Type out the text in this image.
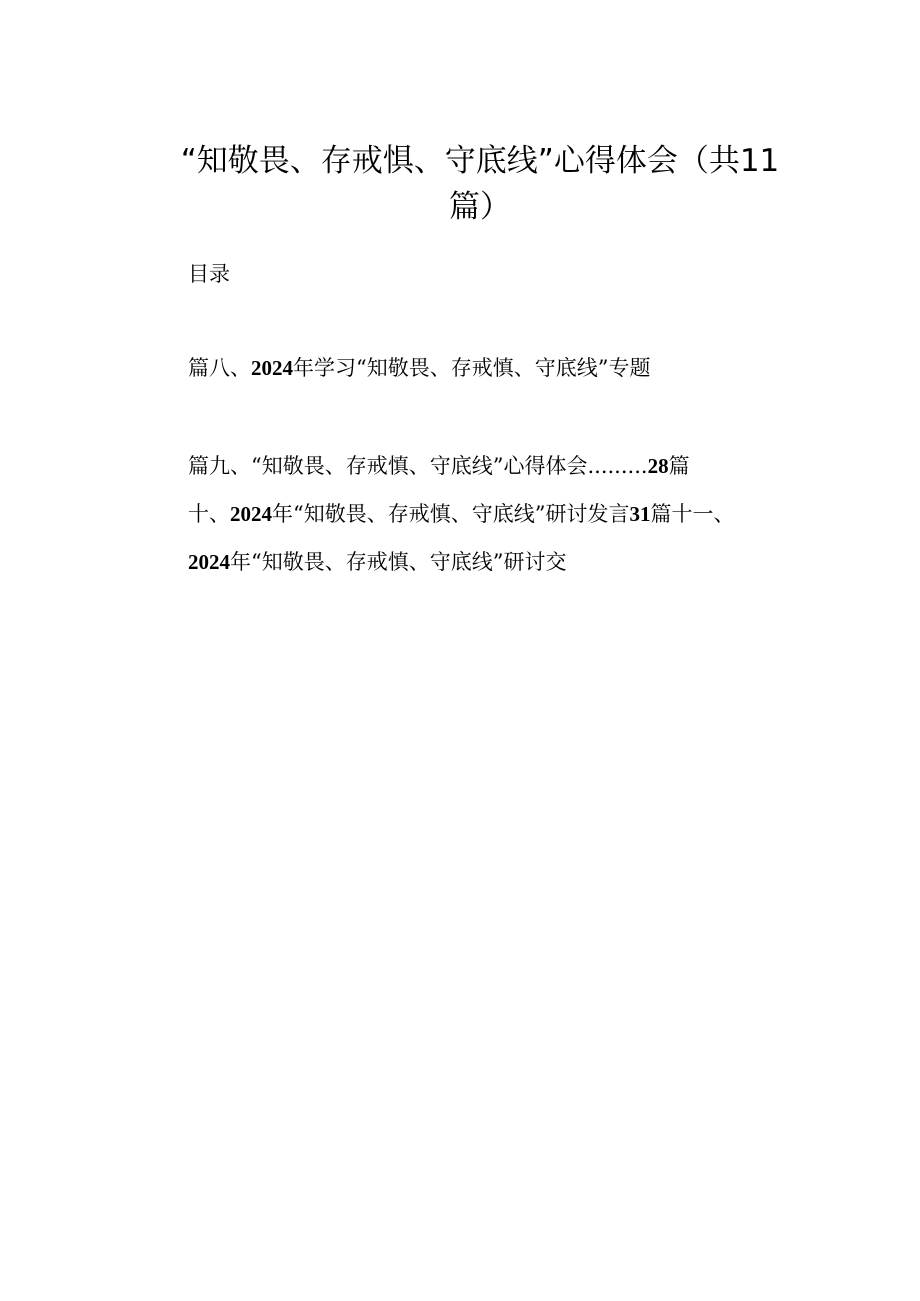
“知敬畏、存戒惧、守底线”心得体会（共11
篇）
目录
篇八、2024年学习“知敬畏、存戒慎、守底线”专题
篇九、“知敬畏、存戒慎、守底线”心得体会.........28篇
十、2024年“知敬畏、存戒慎、守底线”研讨发言31篇十一、
2024年“知敬畏、存戒慎、守底线”研讨交
